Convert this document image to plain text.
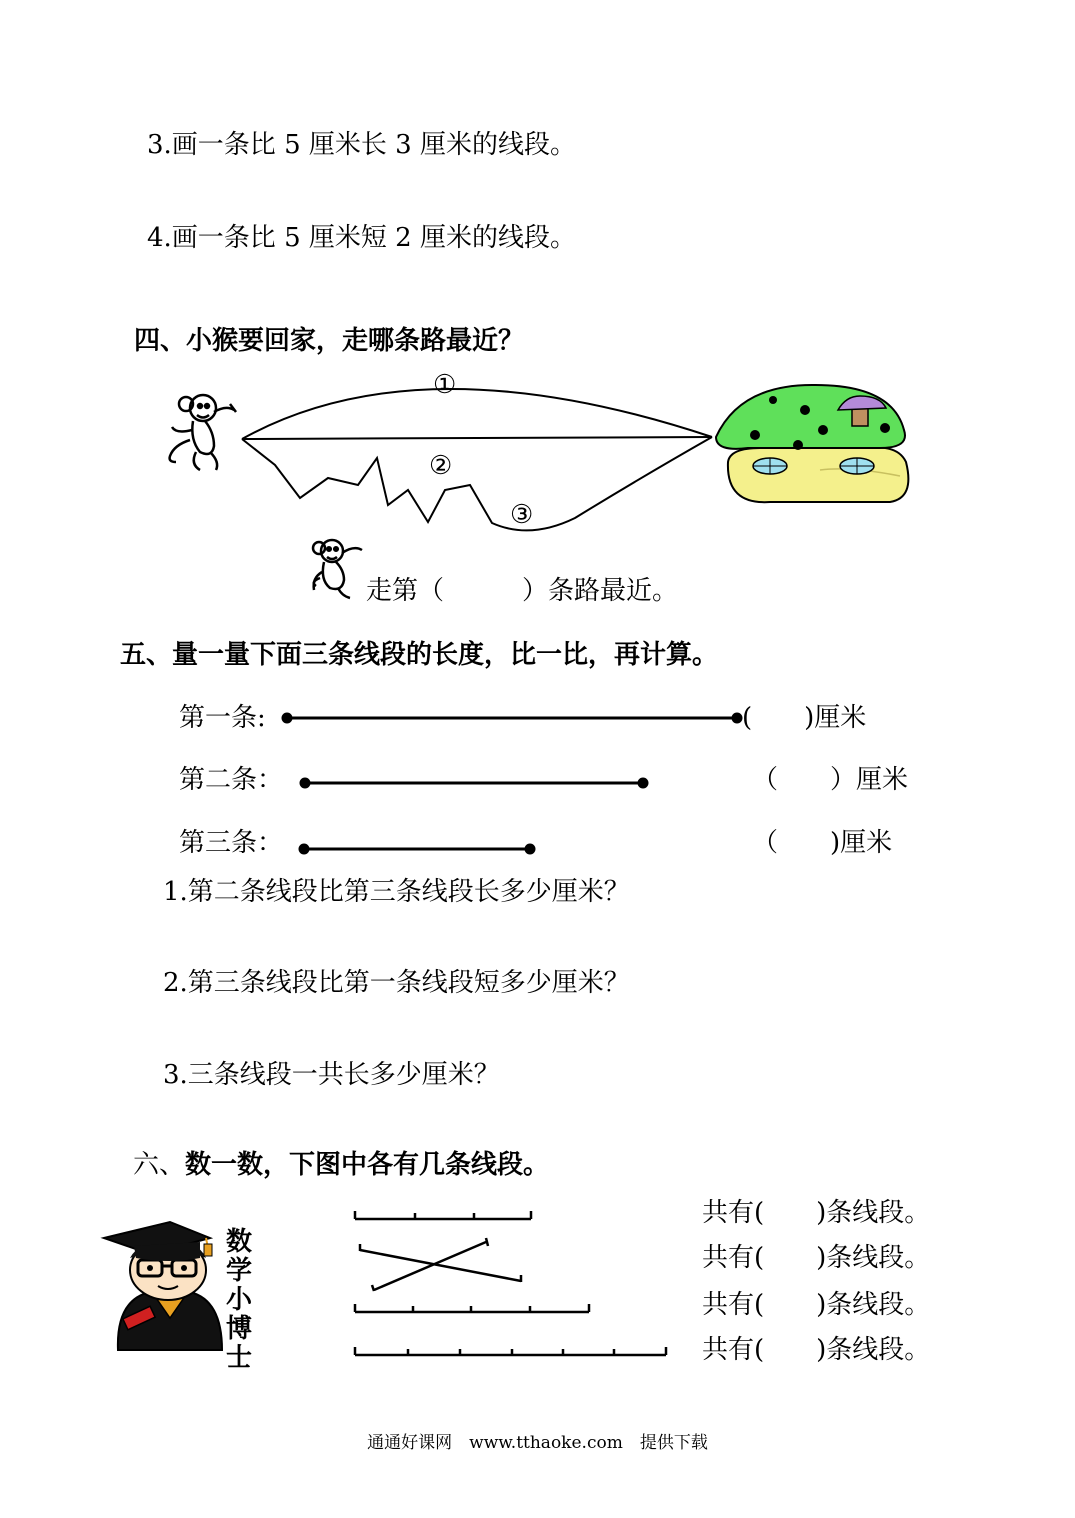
3.画一条比 5 厘米长 3 厘米的线段。
4.画一条比 5 厘米短 2 厘米的线段。
四、小猴要回家，走哪条路最近？
①
②
③
走第（　　　）条路最近。
五、量一量下面三条线段的长度，比一比，再计算。
第一条:	(　　)厘米
第二条：	（　　）厘米
第三条：	（　　)厘米
1.第二条线段比第三条线段长多少厘米？
2.第三条线段比第一条线段短多少厘米？
3.三条线段一共长多少厘米？
六、数一数，下图中各有几条线段。
数
学
小
博
士
共有(　　)条线段。
共有(　　)条线段。
共有(　　)条线段。
共有(　　)条线段。
通通好课网　www.tthaoke.com　提供下载
